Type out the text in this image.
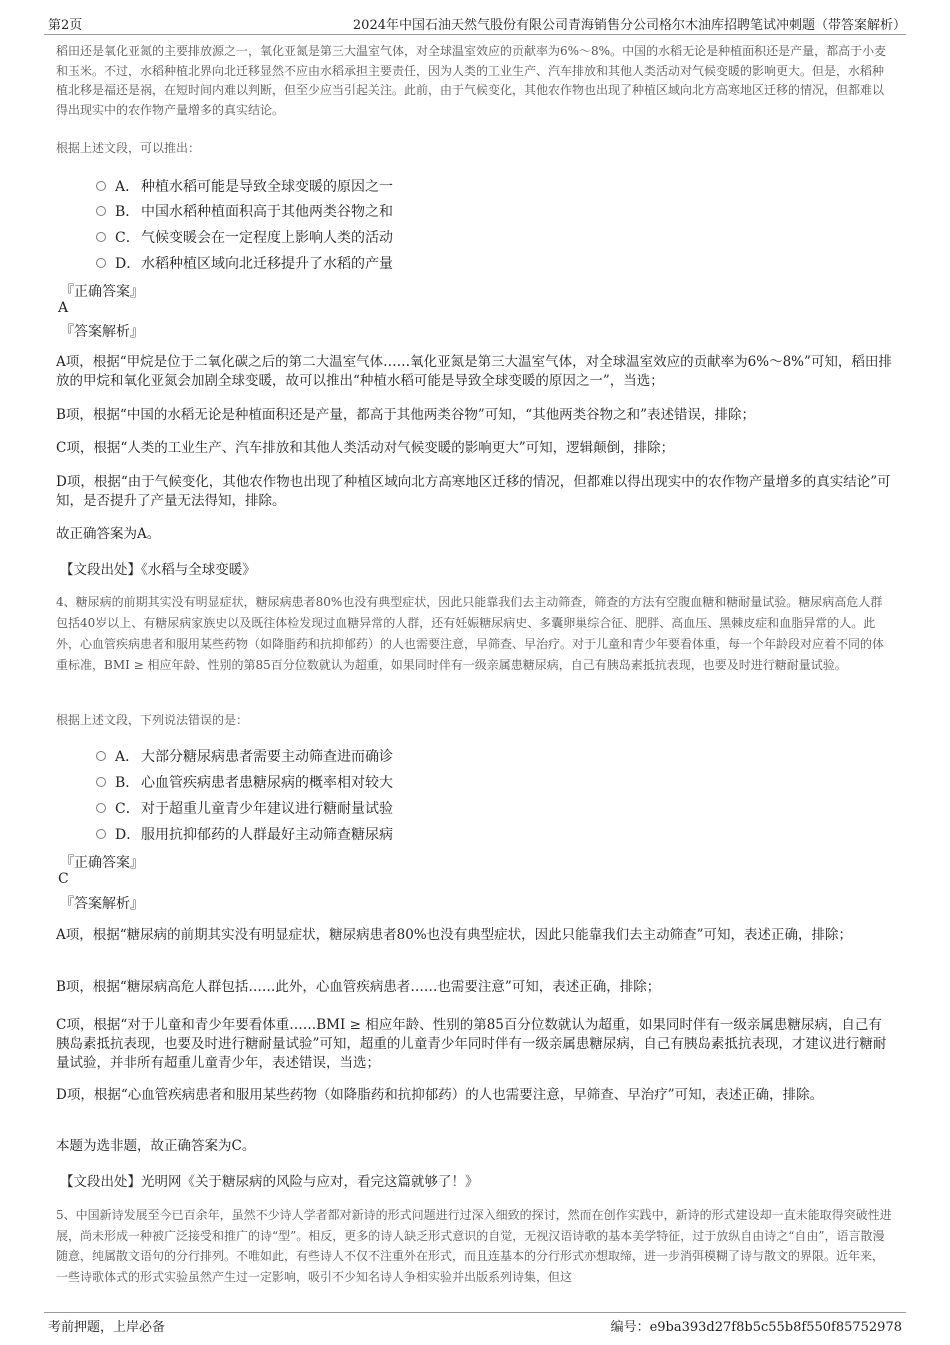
第2页	2024年中国石油天然气股份有限公司青海销售分公司格尔木油库招聘笔试冲刺题（带答案解析）
稻田还是氧化亚氮的主要排放源之一，氧化亚氮是第三大温室气体，对全球温室效应的贡献率为6%～8%。中国的水稻无论是种植面积还是产量，都高于小麦和玉米。不过，水稻种植北界向北迁移显然不应由水稻承担主要责任，因为人类的工业生产、汽车排放和其他人类活动对气候变暖的影响更大。但是，水稻种植北移是福还是祸，在短时间内难以判断，但至少应当引起关注。此前，由于气候变化，其他农作物也出现了种植区域向北方高寒地区迁移的情况，但都难以得出现实中的农作物产量增多的真实结论。
根据上述文段，可以推出：
A． 种植水稻可能是导致全球变暖的原因之一
B． 中国水稻种植面积高于其他两类谷物之和
C．气候变暖会在一定程度上影响人类的活动
D．水稻种植区域向北迁移提升了水稻的产量
『正确答案』
A
『答案解析』
A项，根据“甲烷是位于二氧化碳之后的第二大温室气体……氧化亚氮是第三大温室气体，对全球温室效应的贡献率为6%～8%”可知，稻田排放的甲烷和氧化亚氮会加剧全球变暖，故可以推出“种植水稻可能是导致全球变暖的原因之一”，当选；
B项，根据“中国的水稻无论是种植面积还是产量，都高于其他两类谷物”可知，“其他两类谷物之和”表述错误，排除；
C项，根据“人类的工业生产、汽车排放和其他人类活动对气候变暖的影响更大”可知，逻辑颠倒，排除；
D项，根据“由于气候变化，其他农作物也出现了种植区域向北方高寒地区迁移的情况，但都难以得出现实中的农作物产量增多的真实结论”可知，是否提升了产量无法得知，排除。
故正确答案为A。
【文段出处】《水稻与全球变暖》
4、糖尿病的前期其实没有明显症状，糖尿病患者80%也没有典型症状，因此只能靠我们去主动筛查，筛查的方法有空腹血糖和糖耐量试验。糖尿病高危人群包括40岁以上、有糖尿病家族史以及既往体检发现过血糖异常的人群，还有妊娠糖尿病史、多囊卵巢综合征、肥胖、高血压、黑棘皮症和血脂异常的人。此外，心血管疾病患者和服用某些药物（如降脂药和抗抑郁药）的人也需要注意，早筛查、早治疗。对于儿童和青少年要看体重，每一个年龄段对应着不同的体重标准，BMI ≥ 相应年龄、性别的第85百分位数就认为超重，如果同时伴有一级亲属患糖尿病，自己有胰岛素抵抗表现，也要及时进行糖耐量试验。
根据上述文段，下列说法错误的是：
A． 大部分糖尿病患者需要主动筛查进而确诊
B． 心血管疾病患者患糖尿病的概率相对较大
C．对于超重儿童青少年建议进行糖耐量试验
D．服用抗抑郁药的人群最好主动筛查糖尿病
『正确答案』
C
『答案解析』
A项，根据“糖尿病的前期其实没有明显症状，糖尿病患者80%也没有典型症状，因此只能靠我们去主动筛查”可知，表述正确，排除；
B项，根据“糖尿病高危人群包括……此外，心血管疾病患者……也需要注意”可知，表述正确，排除；
C项，根据“对于儿童和青少年要看体重……BMI ≥ 相应年龄、性别的第85百分位数就认为超重，如果同时伴有一级亲属患糖尿病，自己有胰岛素抵抗表现，也要及时进行糖耐量试验”可知，超重的儿童青少年同时伴有一级亲属患糖尿病，自己有胰岛素抵抗表现，才建议进行糖耐量试验，并非所有超重儿童青少年，表述错误，当选；
D项，根据“心血管疾病患者和服用某些药物（如降脂药和抗抑郁药）的人也需要注意，早筛查、早治疗”可知，表述正确，排除。
本题为选非题，故正确答案为C。
【文段出处】光明网《关于糖尿病的风险与应对，看完这篇就够了！》
5、中国新诗发展至今已百余年，虽然不少诗人学者都对新诗的形式问题进行过深入细致的探讨，然而在创作实践中，新诗的形式建设却一直未能取得突破性进展，尚未形成一种被广泛接受和推广的诗“型”。相反，更多的诗人缺乏形式意识的自觉，无视汉语诗歌的基本美学特征，过于放纵自由诗之“自由”，语言散漫随意，纯属散文语句的分行排列。不唯如此，有些诗人不仅不注重外在形式，而且连基本的分行形式亦想取缔，进一步消弭模糊了诗与散文的界限。近年来，一些诗歌体式的形式实验虽然产生过一定影响，吸引不少知名诗人争相实验并出版系列诗集，但这
考前押题，上岸必备	编号：e9ba393d27f8b5c55b8f550f85752978
